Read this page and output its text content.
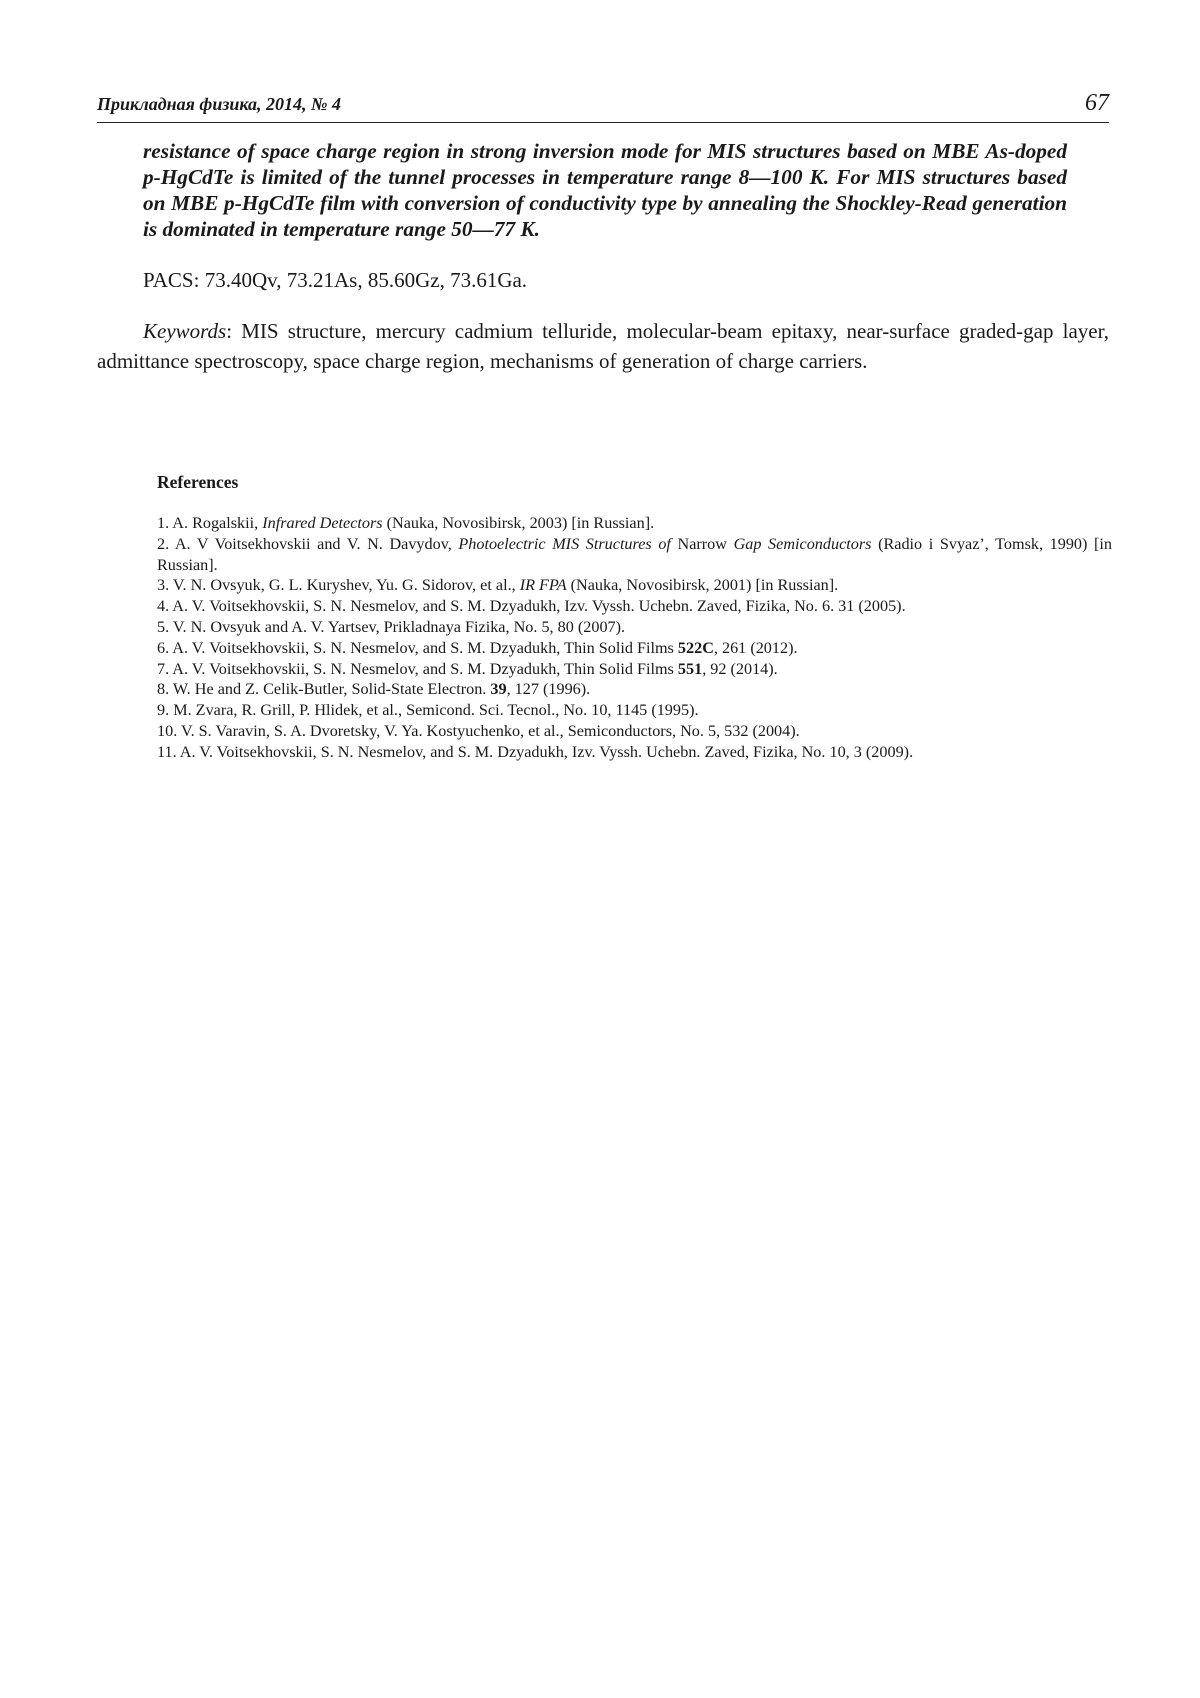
Прикладная физика, 2014, № 4	67

resistance of space charge region in strong inversion mode for MIS structures based on MBE As-doped p-HgCdTe is limited of the tunnel processes in temperature range 8—100 K. For MIS structures based on MBE p-HgCdTe film with conversion of conductivity type by annealing the Shockley-Read generation is dominated in temperature range 50—77 K.

PACS: 73.40Qv, 73.21As, 85.60Gz, 73.61Ga.

Keywords: MIS structure, mercury cadmium telluride, molecular-beam epitaxy, near-surface graded-gap layer, admittance spectroscopy, space charge region, mechanisms of generation of charge carriers.

References

1. A. Rogalskii, Infrared Detectors (Nauka, Novosibirsk, 2003) [in Russian].
2. A. V Voitsekhovskii and V. N. Davydov, Photoelectric MIS Structures of Narrow Gap Semiconductors (Radio i Svyaz’, Tomsk, 1990) [in Russian].
3. V. N. Ovsyuk, G. L. Kuryshev, Yu. G. Sidorov, et al., IR FPA (Nauka, Novosibirsk, 2001) [in Russian].
4. A. V. Voitsekhovskii, S. N. Nesmelov, and S. M. Dzyadukh, Izv. Vyssh. Uchebn. Zaved, Fizika, No. 6. 31 (2005).
5. V. N. Ovsyuk and A. V. Yartsev, Prikladnaya Fizika, No. 5, 80 (2007).
6. A. V. Voitsekhovskii, S. N. Nesmelov, and S. M. Dzyadukh, Thin Solid Films 522C, 261 (2012).
7. A. V. Voitsekhovskii, S. N. Nesmelov, and S. M. Dzyadukh, Thin Solid Films 551, 92 (2014).
8. W. He and Z. Celik-Butler, Solid-State Electron. 39, 127 (1996).
9. M. Zvara, R. Grill, P. Hlidek, et al., Semicond. Sci. Tecnol., No. 10, 1145 (1995).
10. V. S. Varavin, S. A. Dvoretsky, V. Ya. Kostyuchenko, et al., Semiconductors, No. 5, 532 (2004).
11. A. V. Voitsekhovskii, S. N. Nesmelov, and S. M. Dzyadukh, Izv. Vyssh. Uchebn. Zaved, Fizika, No. 10, 3 (2009).
